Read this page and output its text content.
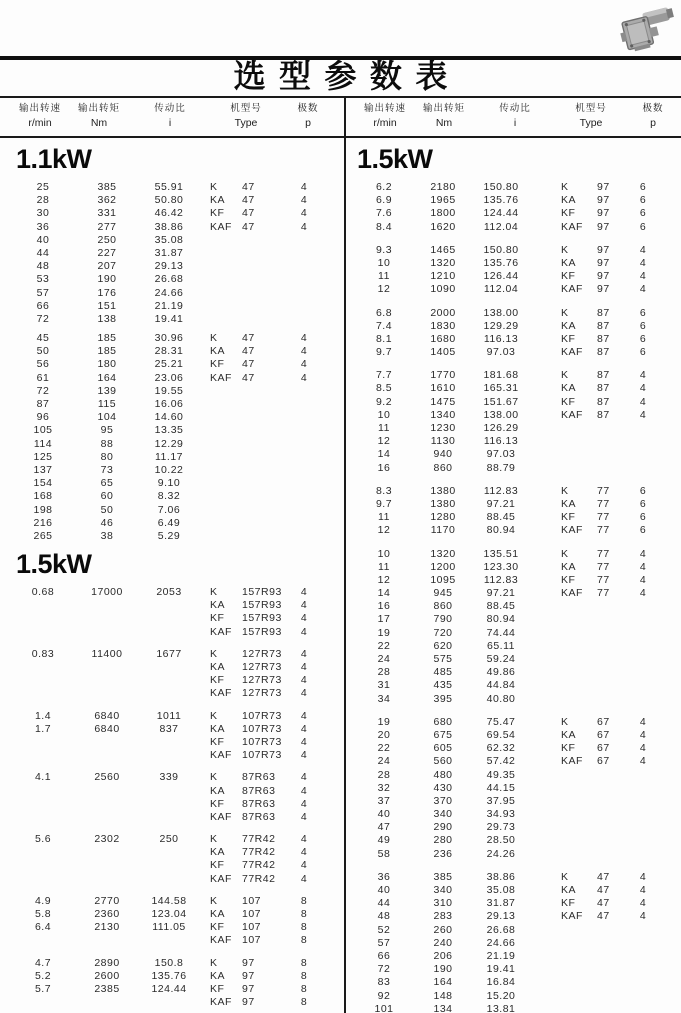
选型参数表
输出转速
r/min
输出转矩
Nm
传动比
i
机型号
Type
极数
p
输出转速
r/min
输出转矩
Nm
传动比
i
机型号
Type
极数
p
1.1kW
25	385	55.91	K	47	4
28	362	50.80	KA	47	4
30	331	46.42	KF	47	4
36	277	38.86	KAF 47	4
40	250	35.08
44	227	31.87
48	207	29.13
53	190	26.68
57	176	24.66
66	151	21.19
72	138	19.41
45	185	30.96	K	47	4
50	185	28.31	KA	47	4
56	180	25.21	KF	47	4
61	164	23.06	KAF 47	4
72	139	19.55
87	115	16.06
96	104	14.60
105	95	13.35
114	88	12.29
125	80	11.17
137	73	10.22
154	65	9.10
168	60	8.32
198	50	7.06
216	46	6.49
265	38	5.29
1.5kW
0.68	17000	2053	K	157R93	4
KA	157R93	4
KF	157R93	4
KAF 157R93	4
0.83	11400	1677	K	127R73	4
KA	127R73	4
KF	127R73	4
KAF 127R73	4
1.4	6840	1011	K	107R73	4
1.7	6840	837	KA	107R73	4
KF	107R73	4
KAF 107R73	4
4.1	2560	339	K	87R63	4
KA	87R63	4
KF	87R63	4
KAF 87R63	4
5.6	2302	250	K	77R42	4
KA	77R42	4
KF	77R42	4
KAF 77R42	4
4.9	2770	144.58	K	107	8
5.8	2360	123.04	KA	107	8
6.4	2130	111.05	KF	107	8
KAF 107	8
4.7	2890	150.8	K	97	8
5.2	2600	135.76	KA	97	8
5.7	2385	124.44	KF	97	8
KAF 97	8
1.5kW
6.2	2180	150.80	K	97	6
6.9	1965	135.76	KA	97	6
7.6	1800	124.44	KF	97	6
8.4	1620	112.04	KAF	97	6
9.3	1465	150.80	K	97	4
10	1320	135.76	KA	97	4
11	1210	126.44	KF	97	4
12	1090	112.04	KAF	97	4
6.8	2000	138.00	K	87	6
7.4	1830	129.29	KA	87	6
8.1	1680	116.13	KF	87	6
9.7	1405	97.03	KAF	87	6
7.7	1770	181.68	K	87	4
8.5	1610	165.31	KA	87	4
9.2	1475	151.67	KF	87	4
10	1340	138.00	KAF	87	4
11	1230	126.29
12	1130	116.13
14	940	97.03
16	860	88.79
8.3	1380	112.83	K	77	6
9.7	1380	97.21	KA	77	6
11	1280	88.45	KF	77	6
12	1170	80.94	KAF	77	6
10	1320	135.51	K	77	4
11	1200	123.30	KA	77	4
12	1095	112.83	KF	77	4
14	945	97.21	KAF	77	4
16	860	88.45
17	790	80.94
19	720	74.44
22	620	65.11
24	575	59.24
28	485	49.86
31	435	44.84
34	395	40.80
19	680	75.47	K	67	4
20	675	69.54	KA	67	4
22	605	62.32	KF	67	4
24	560	57.42	KAF	67	4
28	480	49.35
32	430	44.15
37	370	37.95
40	340	34.93
47	290	29.73
49	280	28.50
58	236	24.26
36	385	38.86	K	47	4
40	340	35.08	KA	47	4
44	310	31.87	KF	47	4
48	283	29.13	KAF	47	4
52	260	26.68
57	240	24.66
66	206	21.19
72	190	19.41
83	164	16.84
92	148	15.20
101	134	13.81
